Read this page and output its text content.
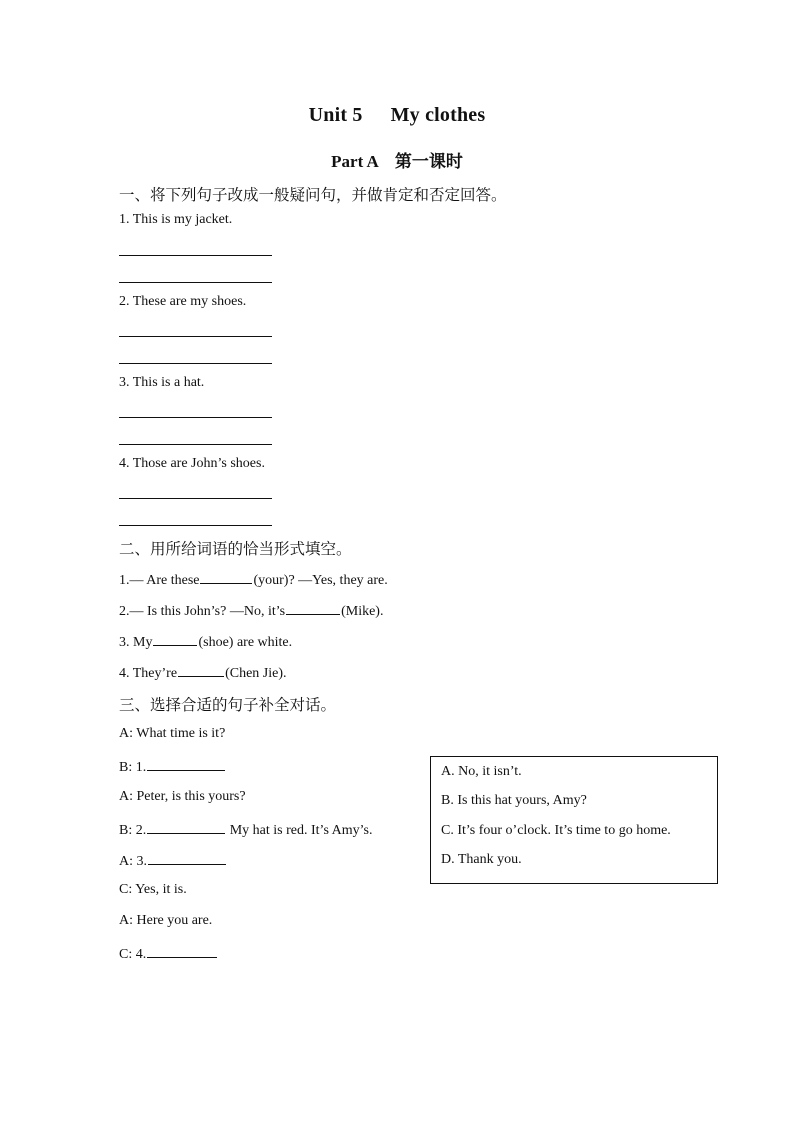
Unit 5 My clothes
Part A 第一课时
一、将下列句子改成一般疑问句，并做肯定和否定回答。
1. This is my jacket.
2. These are my shoes.
3. This is a hat.
4. Those are John’s shoes.
二、用所给词语的恰当形式填空。
1.— Are these	(your)? —Yes, they are.
2.— Is this John’s? —No, it’s	(Mike).
3. My	(shoe) are white.
4. They’re	(Chen Jie).
三、选择合适的句子补全对话。
A: What time is it?
B: 1.
A: Peter, is this yours?
B: 2.	My hat is red. It’s Amy’s.
A: 3.
C: Yes, it is.
A: Here you are.
C: 4.
A. No, it isn’t.
B. Is this hat yours, Amy?
C. It’s four o’clock. It’s time to go home.
D. Thank you.
